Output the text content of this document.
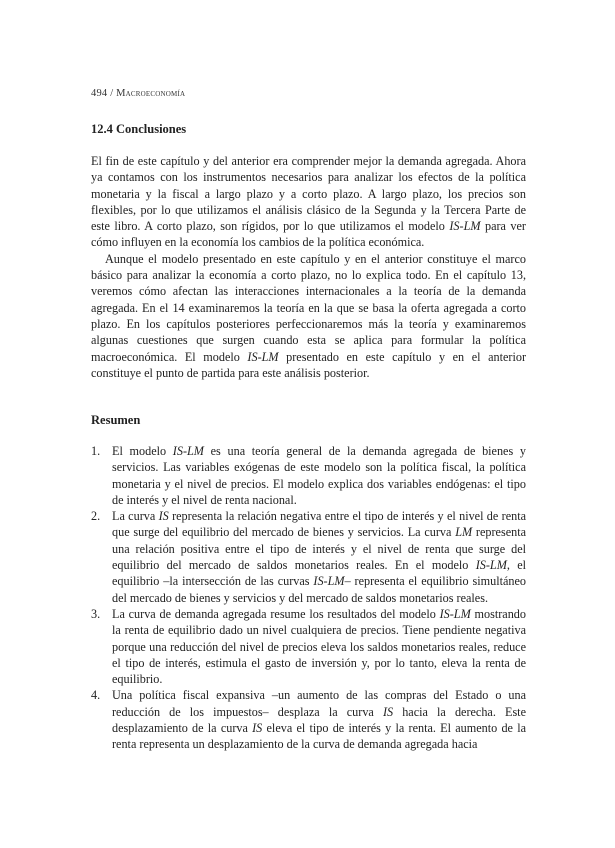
494 / Macroeconomía
12.4 Conclusiones

El fin de este capítulo y del anterior era comprender mejor la demanda agregada. Ahora ya contamos con los instrumentos necesarios para analizar los efectos de la política monetaria y la fiscal a largo plazo y a corto plazo. A largo plazo, los precios son flexibles, por lo que utilizamos el análisis clásico de la Segunda y la Tercera Parte de este libro. A corto plazo, son rígidos, por lo que utilizamos el modelo IS-LM para ver cómo influyen en la economía los cambios de la política económica.

Aunque el modelo presentado en este capítulo y en el anterior constituye el marco básico para analizar la economía a corto plazo, no lo explica todo. En el capítulo 13, veremos cómo afectan las interacciones internacionales a la teoría de la demanda agregada. En el 14 examinaremos la teoría en la que se basa la oferta agregada a corto plazo. En los capítulos posteriores perfeccionaremos más la teoría y examinaremos algunas cuestiones que surgen cuando esta se aplica para formular la política macroeconómica. El modelo IS-LM presentado en este capítulo y en el anterior constituye el punto de partida para este análisis posterior.

Resumen
1. El modelo IS-LM es una teoría general de la demanda agregada de bienes y servicios. Las variables exógenas de este modelo son la política fiscal, la política monetaria y el nivel de precios. El modelo explica dos variables endógenas: el tipo de interés y el nivel de renta nacional.
2. La curva IS representa la relación negativa entre el tipo de interés y el nivel de renta que surge del equilibrio del mercado de bienes y servicios. La curva LM representa una relación positiva entre el tipo de interés y el nivel de renta que surge del equilibrio del mercado de saldos monetarios reales. En el modelo IS-LM, el equilibrio –la intersección de las curvas IS-LM– representa el equilibrio simultáneo del mercado de bienes y servicios y del mercado de saldos monetarios reales.
3. La curva de demanda agregada resume los resultados del modelo IS-LM mostrando la renta de equilibrio dado un nivel cualquiera de precios. Tiene pendiente negativa porque una reducción del nivel de precios eleva los saldos monetarios reales, reduce el tipo de interés, estimula el gasto de inversión y, por lo tanto, eleva la renta de equilibrio.
4. Una política fiscal expansiva –un aumento de las compras del Estado o una reducción de los impuestos– desplaza la curva IS hacia la derecha. Este desplazamiento de la curva IS eleva el tipo de interés y la renta. El aumento de la renta representa un desplazamiento de la curva de demanda agregada hacia
